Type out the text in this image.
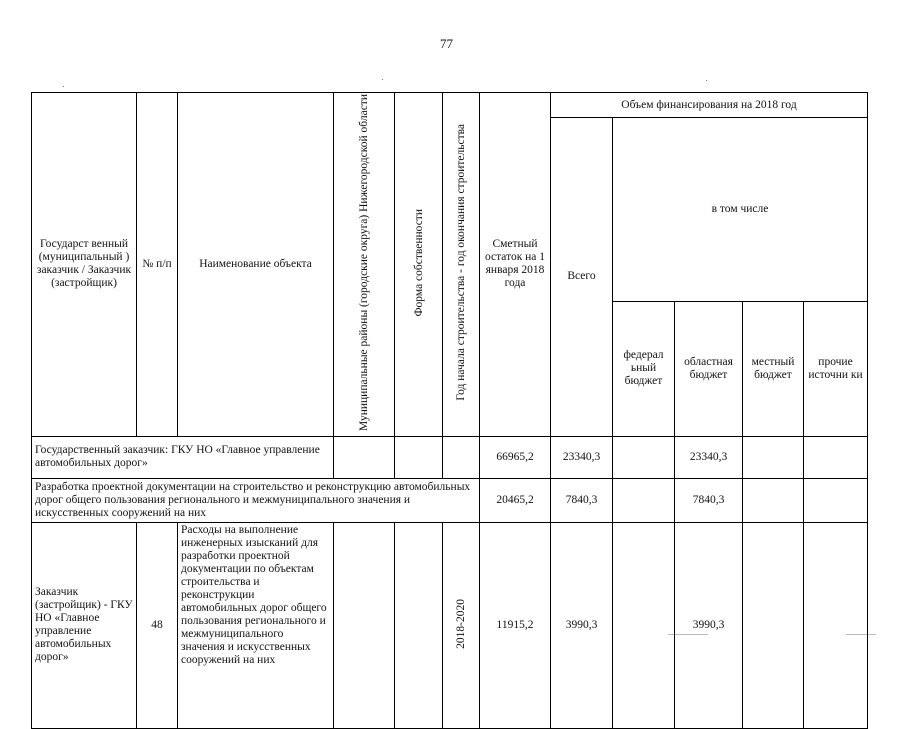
77
Государст венный (муниципальный ) заказчик / Заказчик (застройщик)	№ п/п	Наименование объекта	Муниципальные районы (городские округа) Нижегородской области	Форма собственности	Год начала строительства - год окончания строительства	Сметный остаток на 1 января 2018 года	Объем финансирования на 2018 год				
							Всего	в том числе			
								федерал ьный бюджет	областная бюджет	местный бюджет	прочие источни ки
Государственный заказчик: ГКУ НО «Главное управление автомобильных дорог»						66965,2	23340,3		23340,3		
Разработка проектной документации на строительство и реконструкцию автомобильных дорог общего пользования регионального и межмуниципального значения и искусственных сооружений на них						20465,2	7840,3		7840,3		
Заказчик (застройщик) - ГКУ НО «Главное управление автомобильных дорог»	48	Расходы на выполнение инженерных изысканий для разработки проектной документации по объектам строительства и реконструкции автомобильных дорог общего пользования регионального и межмуниципального значения и искусственных сооружений на них			2018-2020	11915,2	3990,3		3990,3		
